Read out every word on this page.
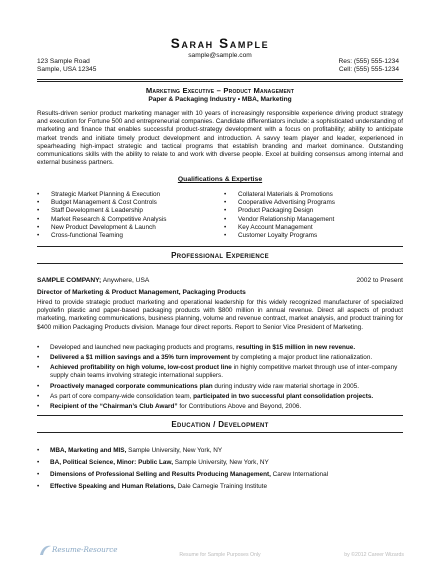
Sarah Sample
sample@sample.com
123 Sample Road
Sample, USA 12345
Res: (555) 555-1234
Cell: (555) 555-1234
Marketing Executive – Product Management
Paper & Packaging Industry • MBA, Marketing
Results-driven senior product marketing manager with 10 years of increasingly responsible experience driving product strategy and execution for Fortune 500 and entrepreneurial companies. Candidate differentiators include: a sophisticated understanding of marketing and finance that enables successful product-strategy development with a focus on profitability; ability to anticipate market trends and initiate timely product development and introduction. A savvy team player and leader, experienced in spearheading high-impact strategic and tactical programs that establish branding and market dominance. Outstanding communications skills with the ability to relate to and work with diverse people. Excel at building consensus among internal and external business partners.
Qualifications & Expertise
• Strategic Market Planning & Execution
• Budget Management & Cost Controls
• Staff Development & Leadership
• Market Research & Competitive Analysis
• New Product Development & Launch
• Cross-functional Teaming
• Collateral Materials & Promotions
• Cooperative Advertising Programs
• Product Packaging Design
• Vendor Relationship Management
• Key Account Management
• Customer Loyalty Programs
Professional Experience
SAMPLE COMPANY; Anywhere, USA	2002 to Present
Director of Marketing & Product Management, Packaging Products
Hired to provide strategic product marketing and operational leadership for this widely recognized manufacturer of specialized polyolefin plastic and paper-based packaging products with $800 million in annual revenue. Direct all aspects of product marketing, marketing communications, business planning, volume and revenue contract, market analysis, and product training for $400 million Packaging Products division. Manage four direct reports. Report to Senior Vice President of Marketing.
• Developed and launched new packaging products and programs, resulting in $15 million in new revenue.
• Delivered a $1 million savings and a 35% turn improvement by completing a major product line rationalization.
• Achieved profitability on high volume, low-cost product line in highly competitive market through use of inter-company supply chain teams involving strategic international suppliers.
• Proactively managed corporate communications plan during industry wide raw material shortage in 2005.
• As part of core company-wide consolidation team, participated in two successful plant consolidation projects.
• Recipient of the “Chairman’s Club Award” for Contributions Above and Beyond, 2006.
Education / Development
• MBA, Marketing and MIS, Sample University, New York, NY
• BA, Political Science, Minor: Public Law, Sample University, New York, NY
• Dimensions of Professional Selling and Results Producing Management, Carew International
• Effective Speaking and Human Relations, Dale Carnegie Training Institute
Resume-Resource
Resume for Sample Purposes Only	by ©2012 Career Wizards
